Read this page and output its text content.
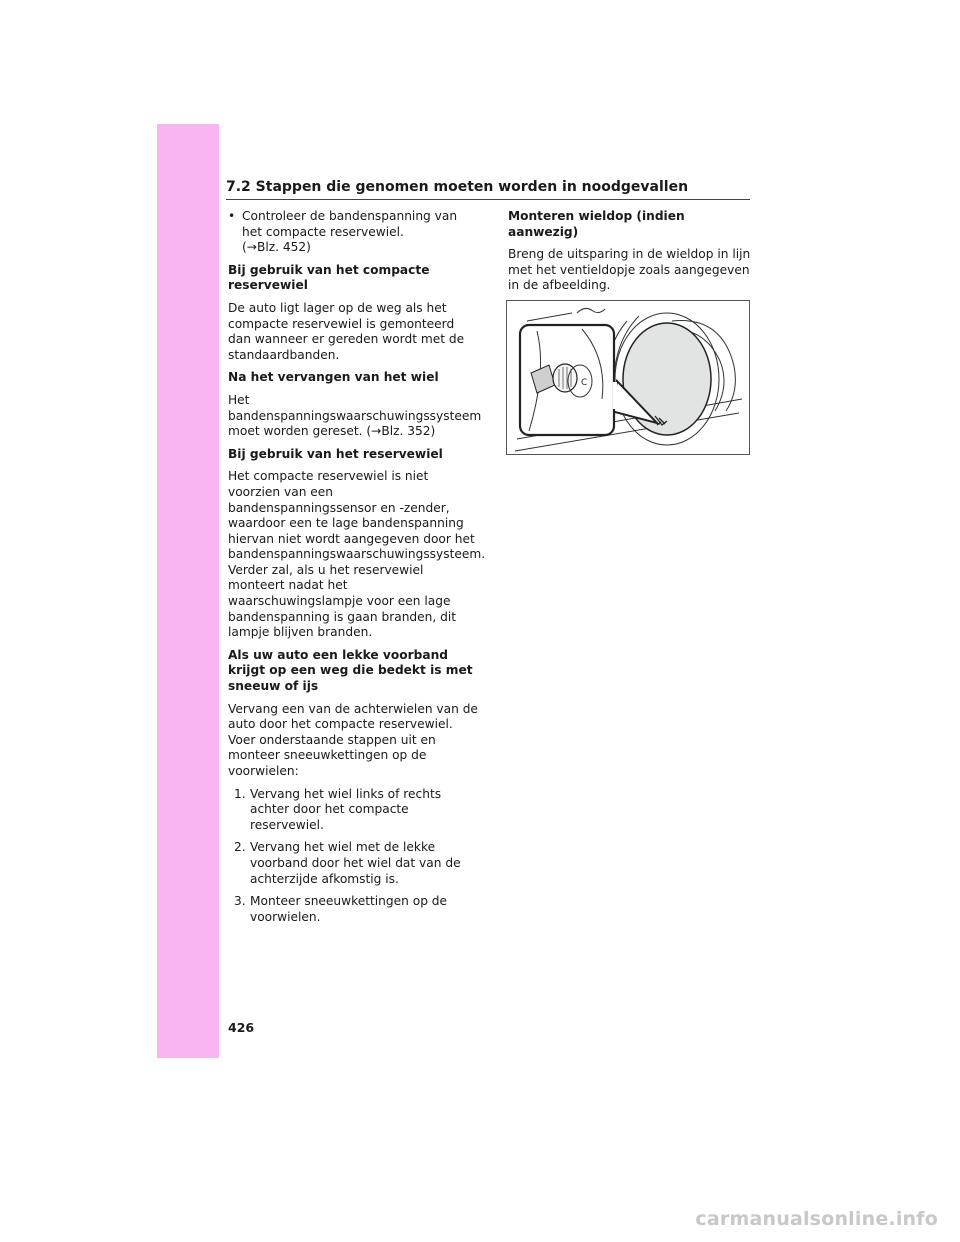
7.2 Stappen die genomen moeten worden in noodgevallen
• Controleer de bandenspanning van
het compacte reservewiel.
(→Blz. 452)

Bij gebruik van het compacte reservewiel

De auto ligt lager op de weg als het compacte reservewiel is gemonteerd dan wanneer er gereden wordt met de standaardbanden.

Na het vervangen van het wiel

Het bandenspanningswaarschuwingssysteem moet worden gereset. (→Blz. 352)

Bij gebruik van het reservewiel

Het compacte reservewiel is niet voorzien van een bandenspanningssensor en -zender, waardoor een te lage bandenspanning hiervan niet wordt aangegeven door het bandenspanningswaarschuwingssysteem. Verder zal, als u het reservewiel monteert nadat het waarschuwingslampje voor een lage bandenspanning is gaan branden, dit lampje blijven branden.

Als uw auto een lekke voorband krijgt op een weg die bedekt is met sneeuw of ijs

Vervang een van de achterwielen van de auto door het compacte reservewiel. Voer onderstaande stappen uit en monteer sneeuwkettingen op de voorwielen:

1. Vervang het wiel links of rechts achter door het compacte reservewiel.
2. Vervang het wiel met de lekke voorband door het wiel dat van de achterzijde afkomstig is.
3. Monteer sneeuwkettingen op de voorwielen.

Monteren wieldop (indien aanwezig)

Breng de uitsparing in de wieldop in lijn met het ventieldopje zoals aangegeven in de afbeelding.

C
426
carmanualsonline.info
